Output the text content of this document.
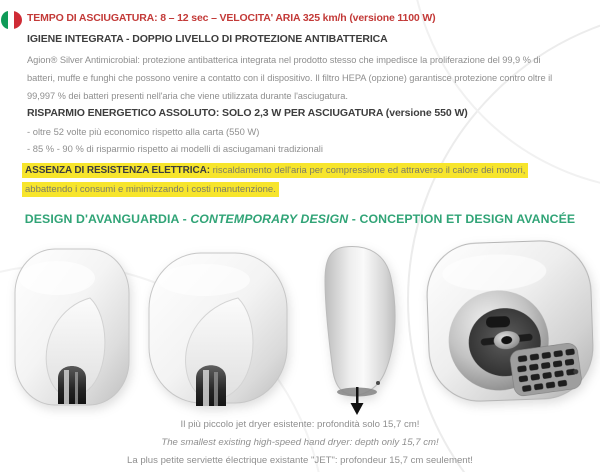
TEMPO DI ASCIUGATURA: 8 – 12 sec – VELOCITA' ARIA 325 km/h (versione 1100 W)
IGIENE INTEGRATA - DOPPIO LIVELLO DI PROTEZIONE ANTIBATTERICA
Agion® Silver Antimicrobial: protezione antibatterica integrata nel prodotto stesso che impedisce la proliferazione del 99,9 % di batteri, muffe e funghi che possono venire a contatto con il dispositivo. Il filtro HEPA (opzione) garantisce protezione contro oltre il 99,997 % dei batteri presenti nell'aria che viene utilizzata durante l'asciugatura.
RISPARMIO ENERGETICO ASSOLUTO: SOLO 2,3 W PER ASCIUGATURA (versione 550 W)
- oltre 52 volte più economico rispetto alla carta (550 W)
- 85 % - 90 % di risparmio rispetto ai modelli di asciugamani tradizionali
ASSENZA DI RESISTENZA ELETTRICA: riscaldamento dell'aria per compressione ed attraverso il calore dei motori, abbattendo i consumi e minimizzando i costi manutenzione.
DESIGN D'AVANGUARDIA - CONTEMPORARY DESIGN - CONCEPTION ET DESIGN AVANCÉE
Il più piccolo jet dryer esistente: profondità solo 15,7 cm!
The smallest existing high-speed hand dryer: depth only 15,7 cm!
La plus petite serviette électrique existante "JET": profondeur 15,7 cm seulement!
